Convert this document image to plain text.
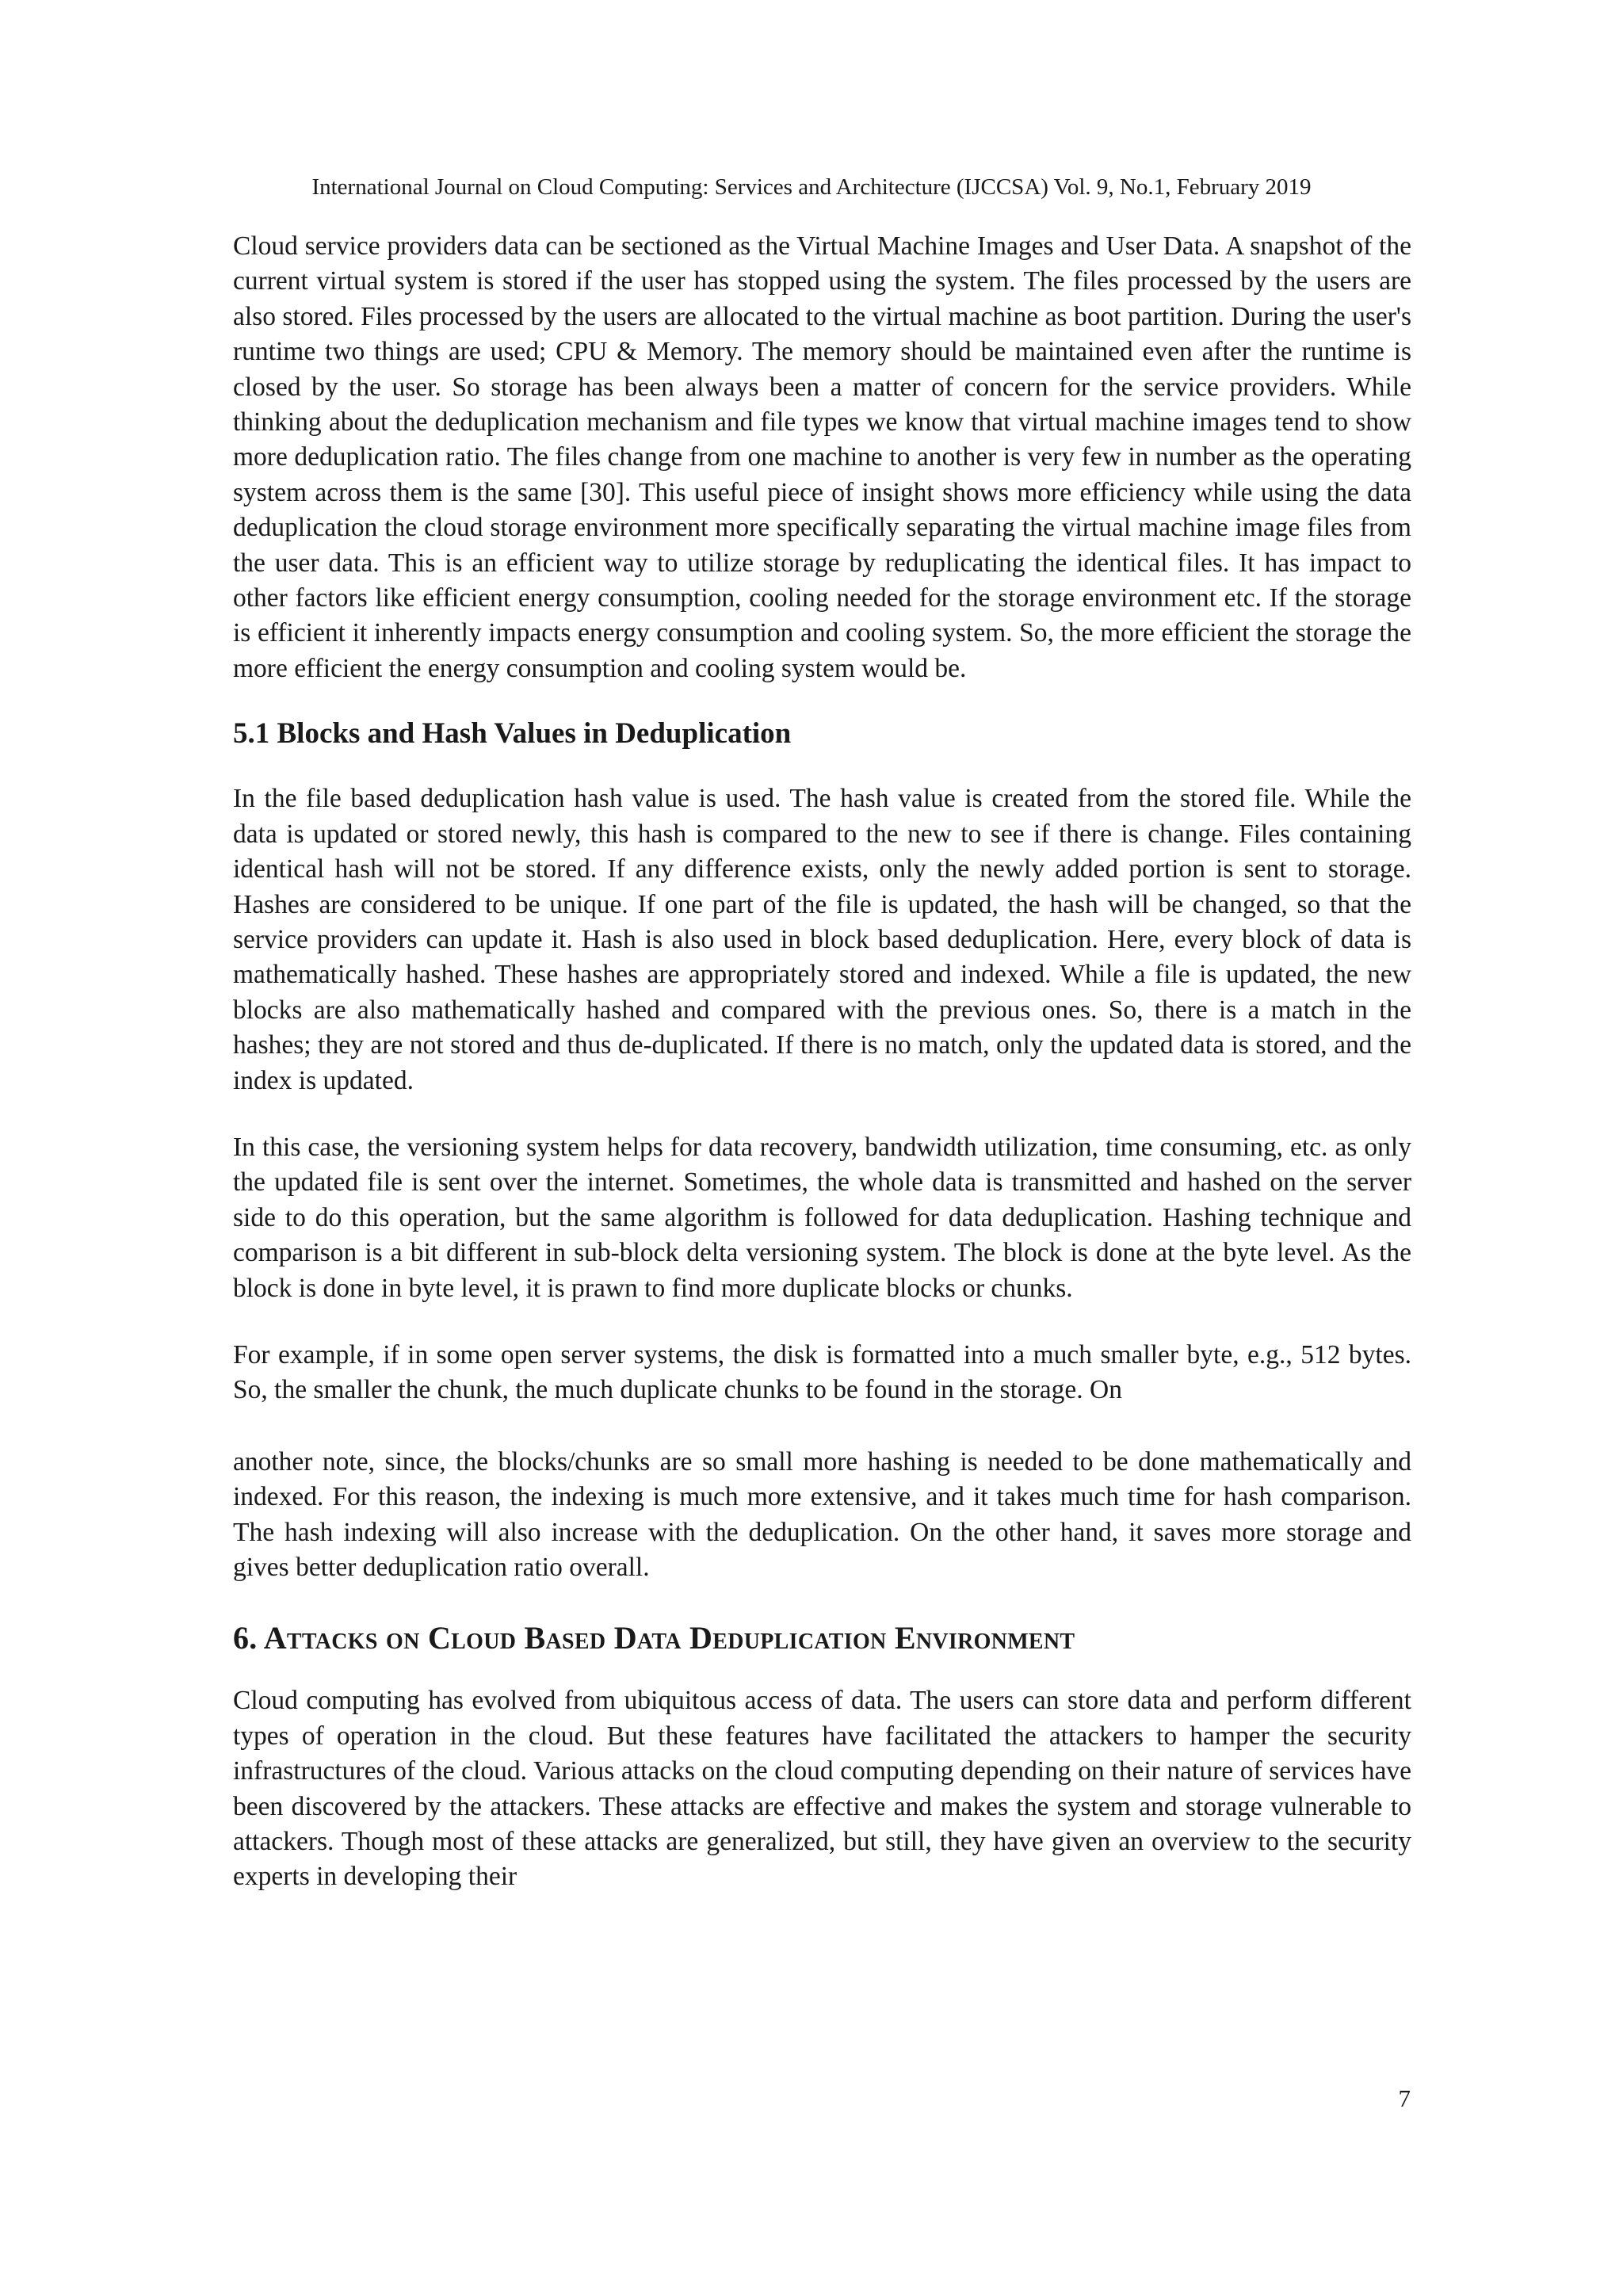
International Journal on Cloud Computing: Services and Architecture (IJCCSA) Vol. 9, No.1, February 2019

Cloud service providers data can be sectioned as the Virtual Machine Images and User Data. A snapshot of the current virtual system is stored if the user has stopped using the system. The files processed by the users are also stored. Files processed by the users are allocated to the virtual machine as boot partition. During the user's runtime two things are used; CPU & Memory. The memory should be maintained even after the runtime is closed by the user. So storage has been always been a matter of concern for the service providers. While thinking about the deduplication mechanism and file types we know that virtual machine images tend to show more deduplication ratio. The files change from one machine to another is very few in number as the operating system across them is the same [30]. This useful piece of insight shows more efficiency while using the data deduplication the cloud storage environment more specifically separating the virtual machine image files from the user data. This is an efficient way to utilize storage by reduplicating the identical files. It has impact to other factors like efficient energy consumption, cooling needed for the storage environment etc. If the storage is efficient it inherently impacts energy consumption and cooling system. So, the more efficient the storage the more efficient the energy consumption and cooling system would be.

5.1 Blocks and Hash Values in Deduplication

In the file based deduplication hash value is used. The hash value is created from the stored file. While the data is updated or stored newly, this hash is compared to the new to see if there is change. Files containing identical hash will not be stored. If any difference exists, only the newly added portion is sent to storage. Hashes are considered to be unique. If one part of the file is updated, the hash will be changed, so that the service providers can update it. Hash is also used in block based deduplication. Here, every block of data is mathematically hashed. These hashes are appropriately stored and indexed. While a file is updated, the new blocks are also mathematically hashed and compared with the previous ones. So, there is a match in the hashes; they are not stored and thus de-duplicated. If there is no match, only the updated data is stored, and the index is updated.

In this case, the versioning system helps for data recovery, bandwidth utilization, time consuming, etc. as only the updated file is sent over the internet. Sometimes, the whole data is transmitted and hashed on the server side to do this operation, but the same algorithm is followed for data deduplication. Hashing technique and comparison is a bit different in sub-block delta versioning system. The block is done at the byte level. As the block is done in byte level, it is prawn to find more duplicate blocks or chunks.

For example, if in some open server systems, the disk is formatted into a much smaller byte, e.g., 512 bytes. So, the smaller the chunk, the much duplicate chunks to be found in the storage. On

another note, since, the blocks/chunks are so small more hashing is needed to be done mathematically and indexed. For this reason, the indexing is much more extensive, and it takes much time for hash comparison. The hash indexing will also increase with the deduplication. On the other hand, it saves more storage and gives better deduplication ratio overall.

6. Attacks on Cloud Based Data Deduplication Environment

Cloud computing has evolved from ubiquitous access of data. The users can store data and perform different types of operation in the cloud. But these features have facilitated the attackers to hamper the security infrastructures of the cloud. Various attacks on the cloud computing depending on their nature of services have been discovered by the attackers. These attacks are effective and makes the system and storage vulnerable to attackers. Though most of these attacks are generalized, but still, they have given an overview to the security experts in developing their

7
